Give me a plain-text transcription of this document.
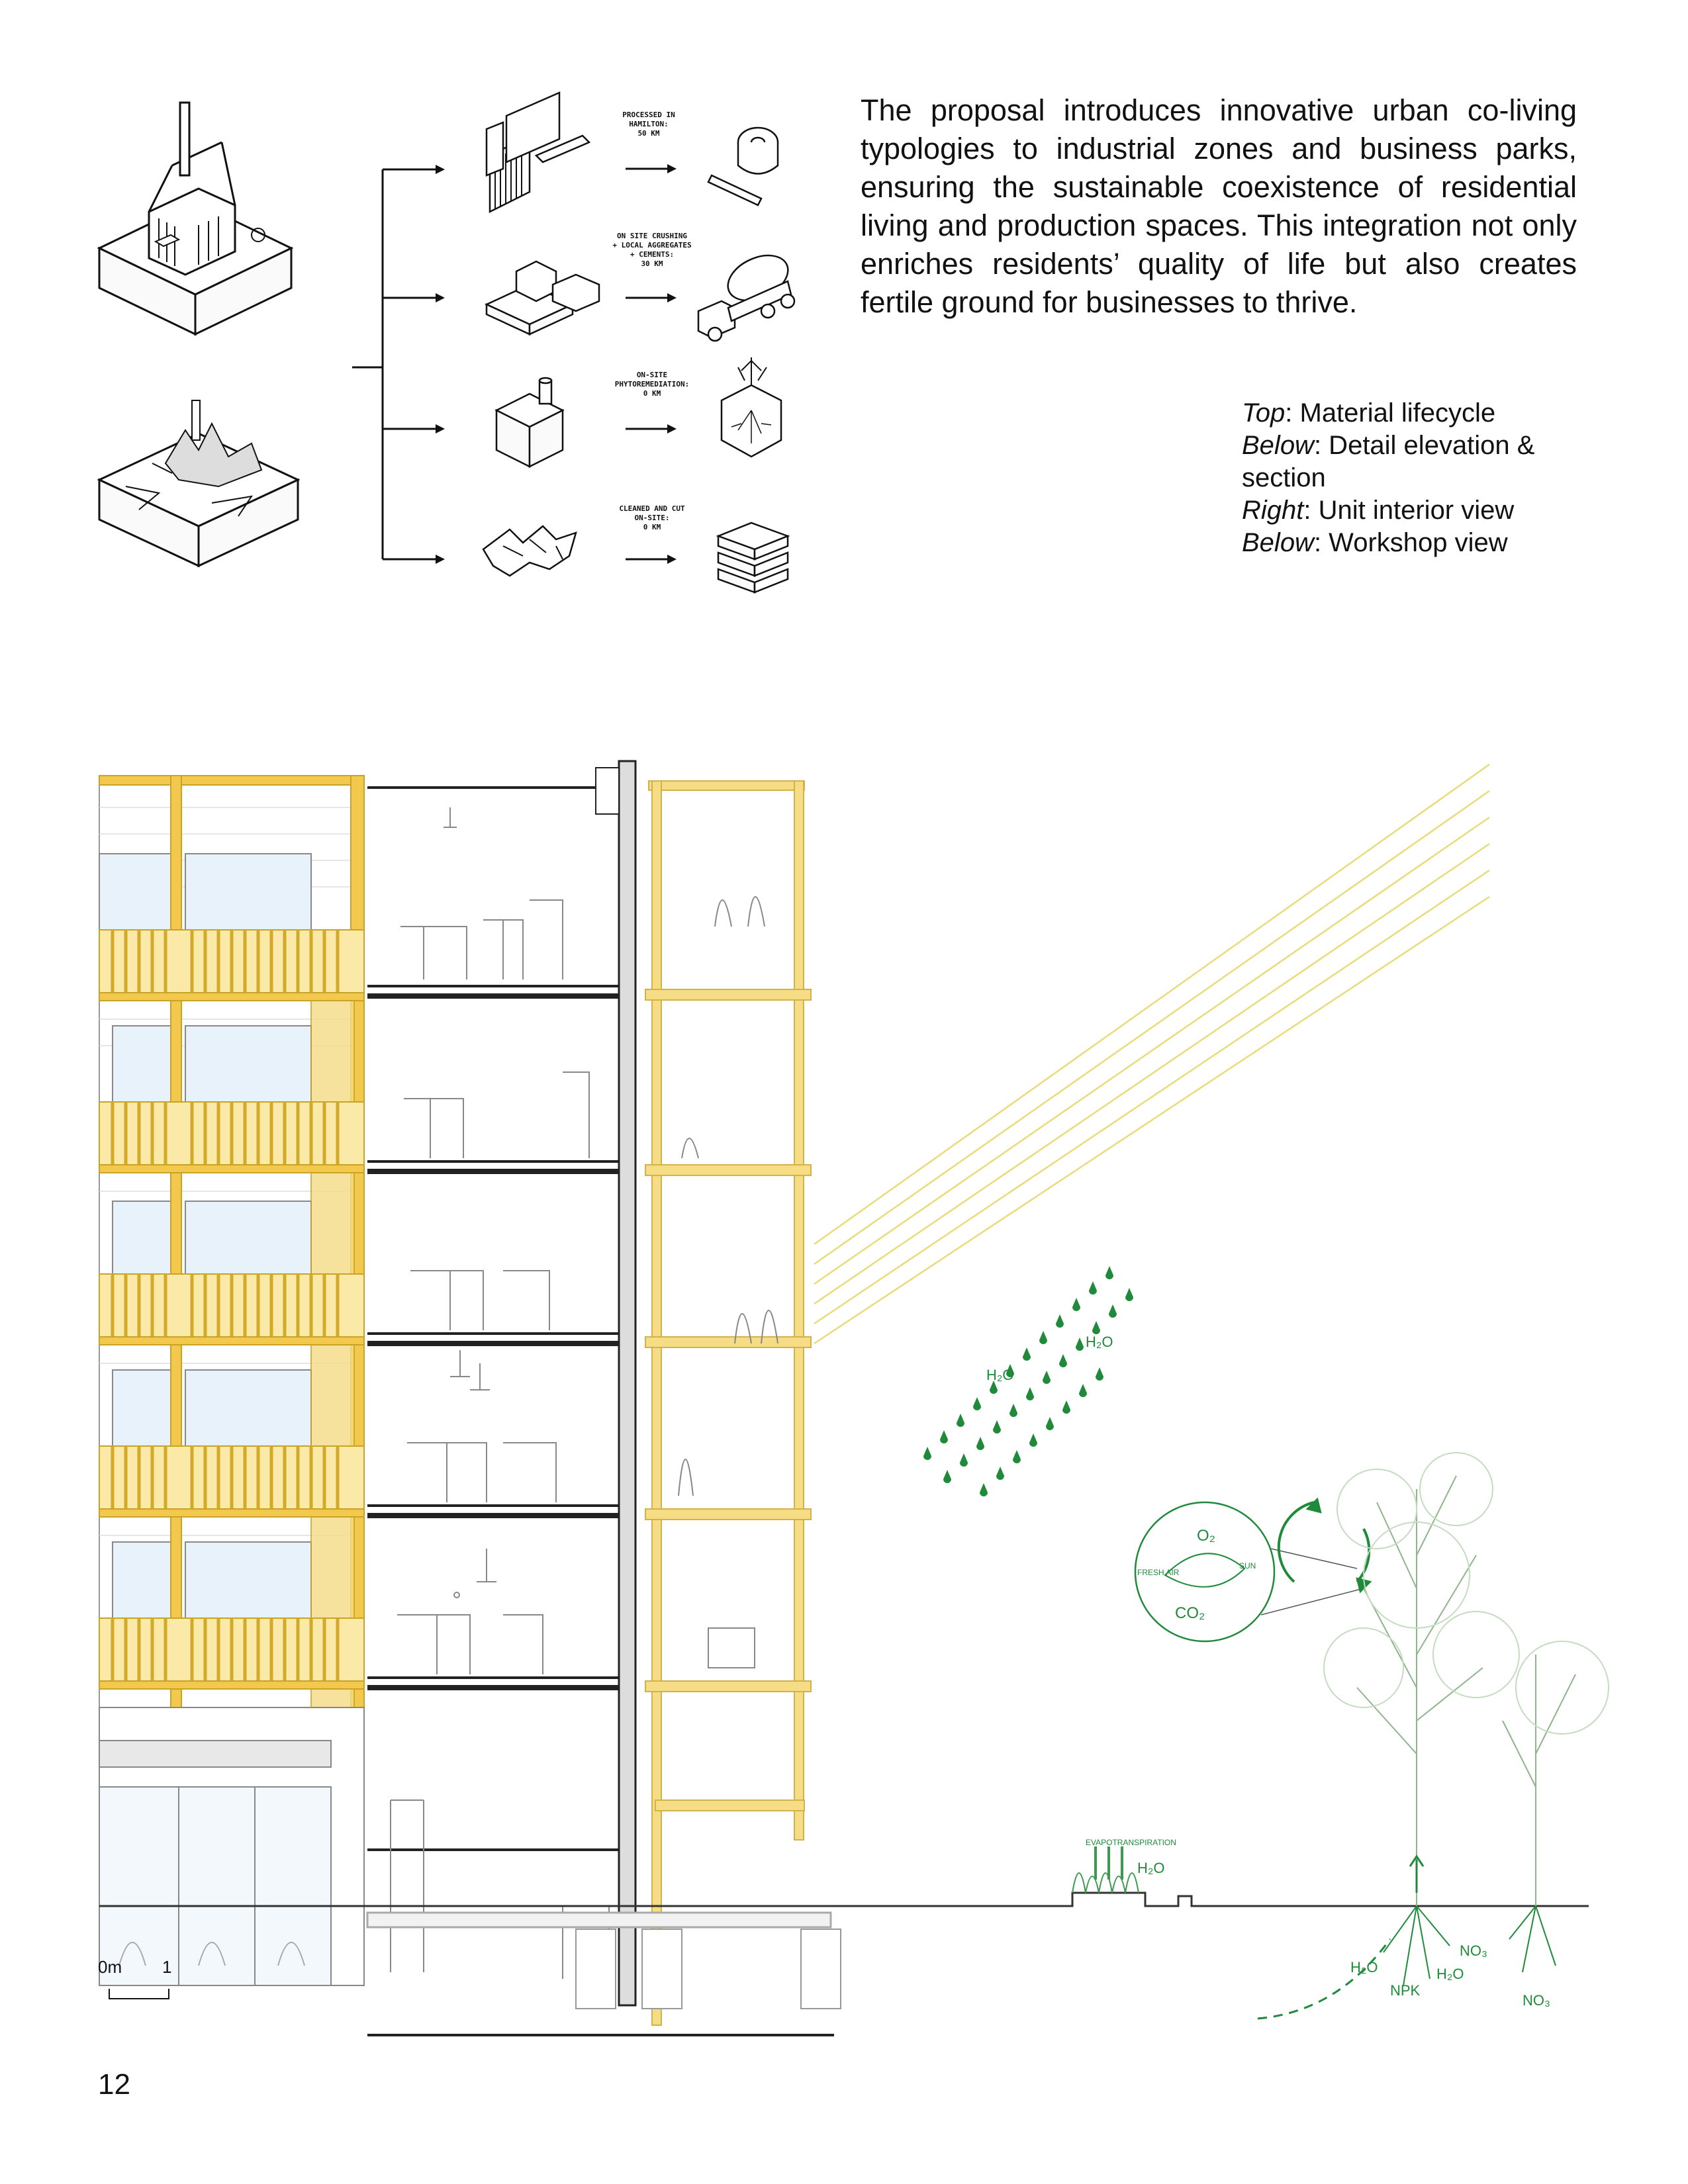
The proposal introduces innovative urban co-living typologies to industrial zones and business parks, ensuring the sustainable coexistence of residential living and production spaces. This integration not only enriches residents’ quality of life but also creates fertile ground for businesses to thrive.

Top: Material lifecycle
Below: Detail elevation & section
Right: Unit interior view
Below: Workshop view
PROCESSED IN
HAMILTON:
50 KM
ON SITE CRUSHING
+ LOCAL AGGREGATES
+ CEMENTS:
30 KM
ON-SITE
PHYTOREMEDIATION:
0 KM
CLEANED AND CUT
ON-SITE:
0 KM
H₂O
H₂O
O₂
FRESH AIR
SUN
CO₂
EVAPOTRANSPIRATION
H₂O
H₂O
NPK
H₂O
NO₃
NO₃
0m 1
12
